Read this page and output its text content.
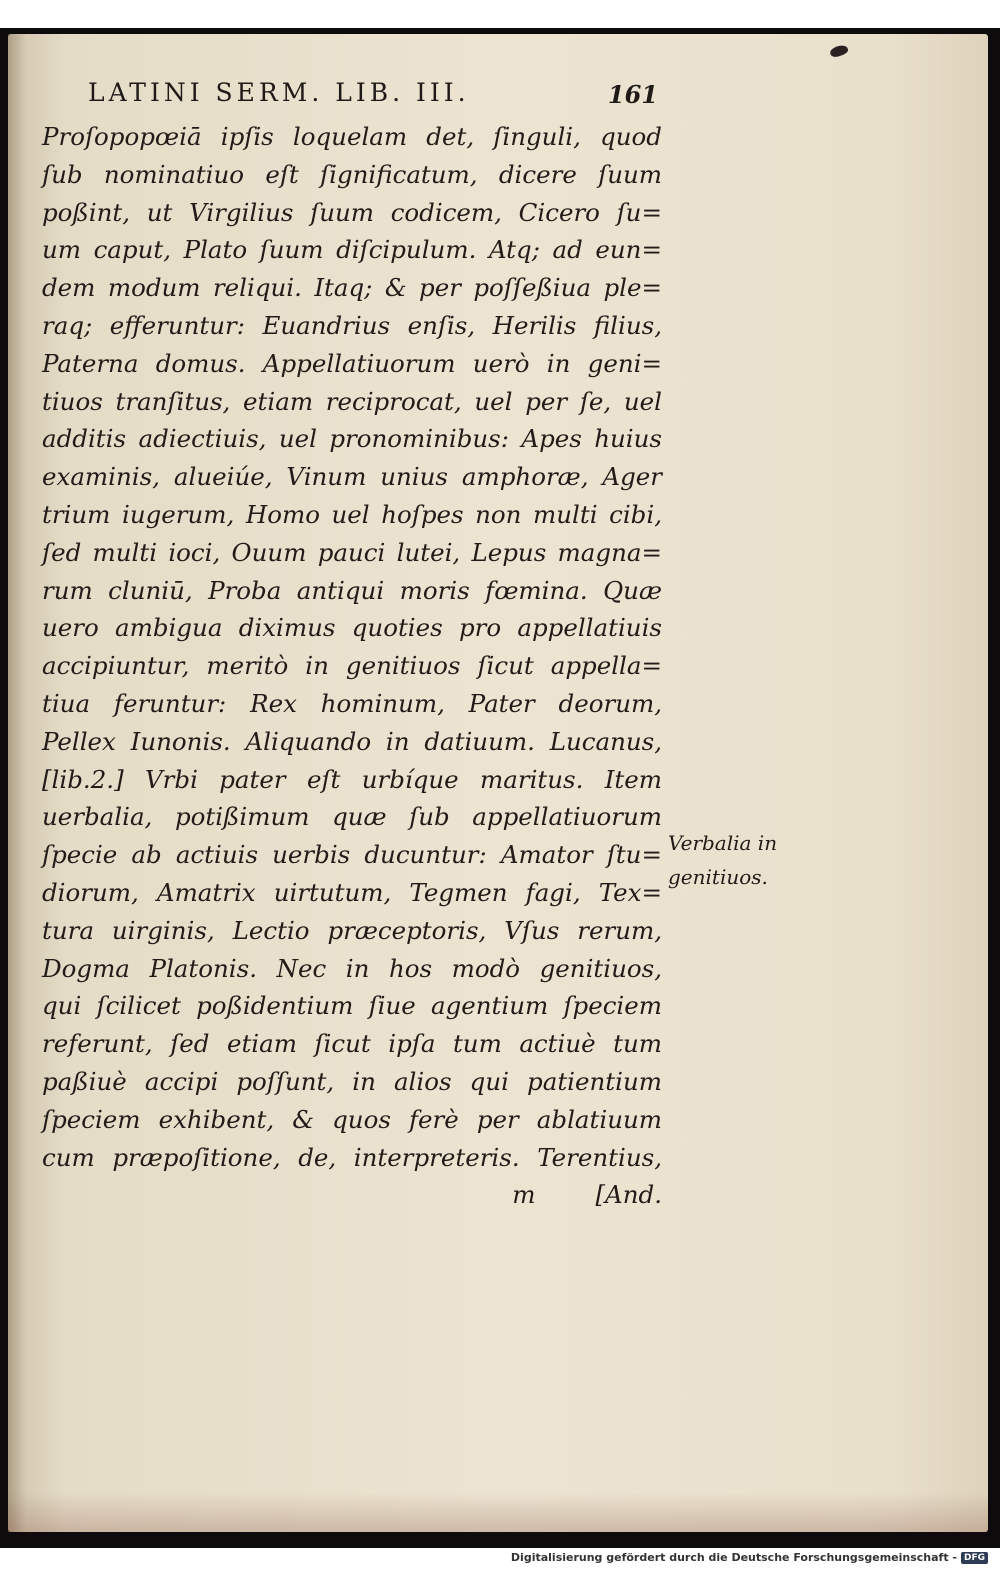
LATINI SERM. LIB. III.	161
Proſopopœiā ipſis loquelam det, ſinguli, quod
ſub nominatiuo eſt ſignificatum, dicere ſuum
poßint, ut Virgilius ſuum codicem, Cicero ſu=
um caput, Plato ſuum diſcipulum. Atq; ad eun=
dem modum reliqui. Itaq; & per poſſeßiua ple=
raq; efferuntur: Euandrius enſis, Herilis filius,
Paterna domus. Appellatiuorum uerò in geni=
tiuos tranſitus, etiam reciprocat, uel per ſe, uel
additis adiectiuis, uel pronominibus: Apes huius
examinis, alueiúe, Vinum unius amphoræ, Ager
trium iugerum, Homo uel hoſpes non multi cibi,
ſed multi ioci, Ouum pauci lutei, Lepus magna=
rum cluniū, Proba antiqui moris fœmina. Quæ
uero ambigua diximus quoties pro appellatiuis
accipiuntur, meritò in genitiuos ſicut appella=
tiua feruntur: Rex hominum, Pater deorum,
Pellex Iunonis. Aliquando in datiuum. Lucanus,
[lib.2.] Vrbi pater eſt urbíque maritus. Item
uerbalia, potißimum quæ ſub appellatiuorum
ſpecie ab actiuis uerbis ducuntur: Amator ſtu=
diorum, Amatrix uirtutum, Tegmen fagi, Tex=
tura uirginis, Lectio præceptoris, Vſus rerum,
Dogma Platonis. Nec in hos modò genitiuos,
qui ſcilicet poßidentium ſiue agentium ſpeciem
referunt, ſed etiam ſicut ipſa tum actiuè tum
paßiuè accipi poſſunt, in alios qui patientium
ſpeciem exhibent, & quos ferè per ablatiuum
cum præpoſitione, de, interpreteris. Terentius,
m [And.
Verbalia in
genitiuos.
Digitalisierung gefördert durch die Deutsche Forschungsgemeinschaft - DFG
